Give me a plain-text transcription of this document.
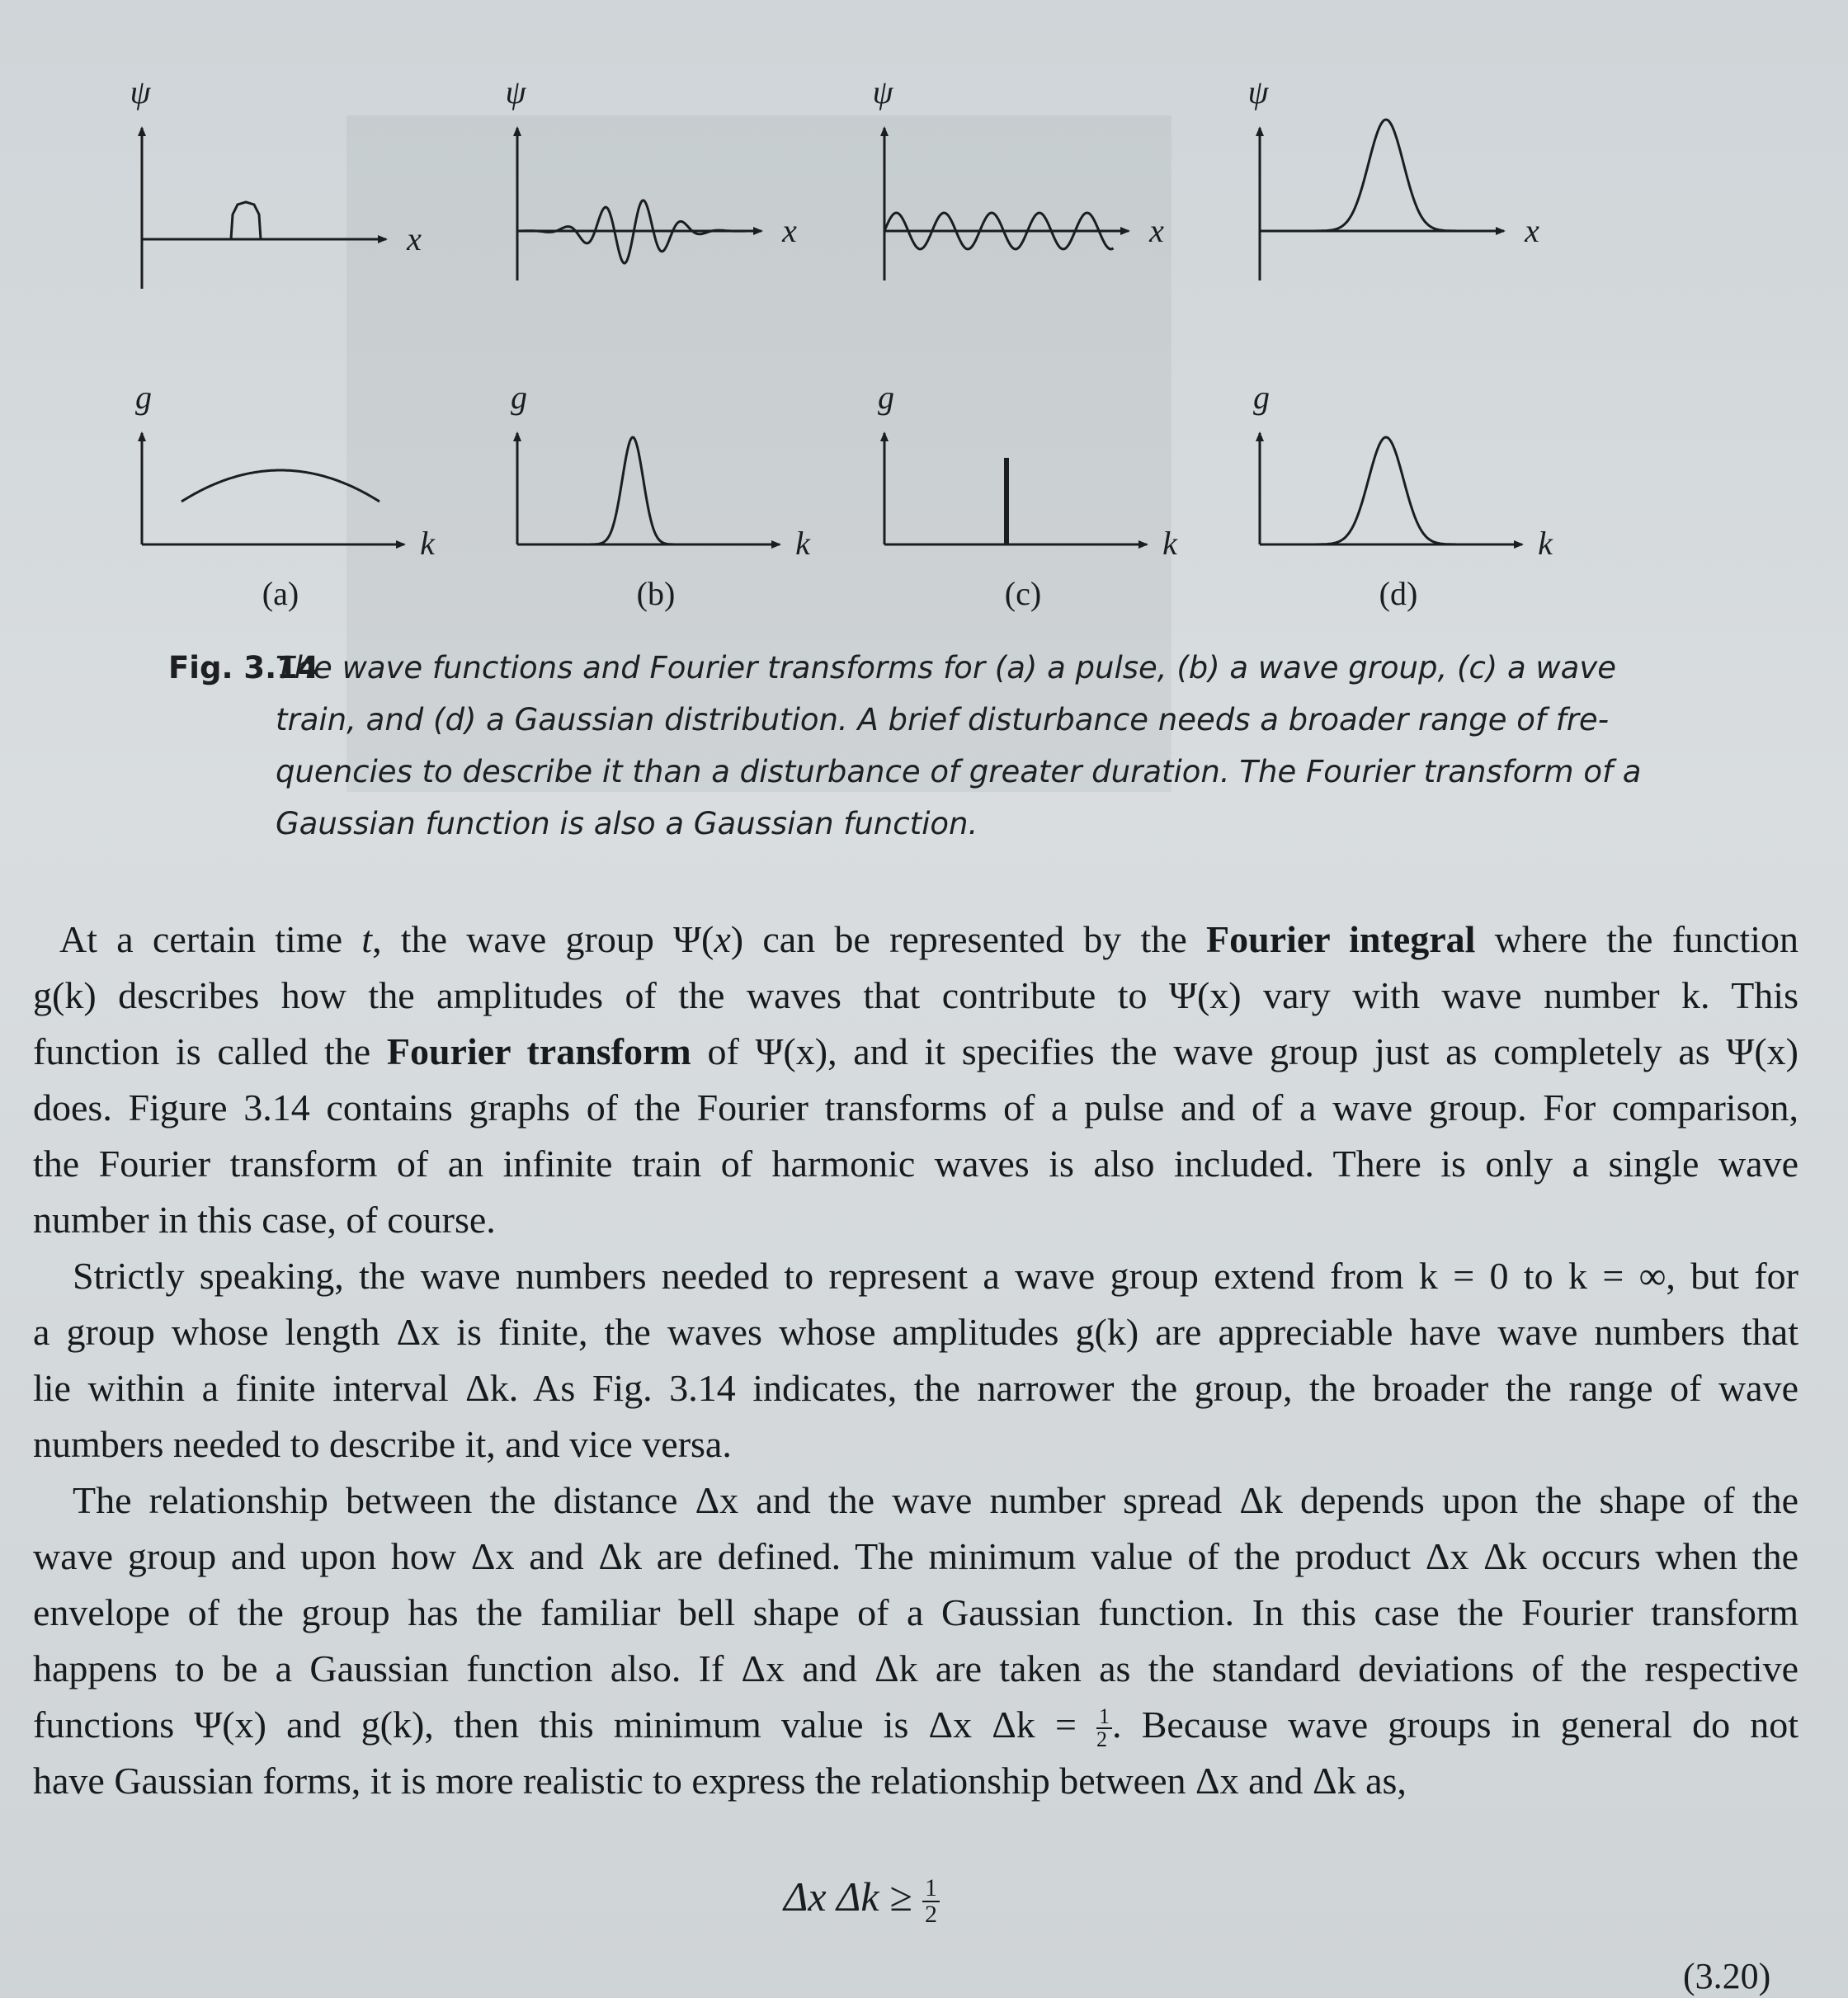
ψ
x
g
k
(a)
ψ
x
g
k
(b)
ψ
x
g
k
(c)
ψ
x
g
k
(d)
Fig. 3.14
The wave functions and Fourier transforms for (a) a pulse, (b) a wave group, (c) a wave
train, and (d) a Gaussian distribution. A brief disturbance needs a broader range of fre-
quencies to describe it than a disturbance of greater duration. The Fourier transform of a
Gaussian function is also a Gaussian function.
At a certain time t, the wave group Ψ(x) can be represented by the Fourier integral where the function
g(k) describes how the amplitudes of the waves that contribute to Ψ(x) vary with wave number k. This
function is called the Fourier transform of Ψ(x), and it specifies the wave group just as completely as Ψ(x)
does. Figure 3.14 contains graphs of the Fourier transforms of a pulse and of a wave group. For comparison,
the Fourier transform of an infinite train of harmonic waves is also included. There is only a single wave
number in this case, of course.
Strictly speaking, the wave numbers needed to represent a wave group extend from k = 0 to k = ∞, but for
a group whose length Δx is finite, the waves whose amplitudes g(k) are appreciable have wave numbers that
lie within a finite interval Δk. As Fig. 3.14 indicates, the narrower the group, the broader the range of wave
numbers needed to describe it, and vice versa.
The relationship between the distance Δx and the wave number spread Δk depends upon the shape of the
wave group and upon how Δx and Δk are defined. The minimum value of the product Δx Δk occurs when the
envelope of the group has the familiar bell shape of a Gaussian function. In this case the Fourier transform
happens to be a Gaussian function also. If Δx and Δk are taken as the standard deviations of the respective
functions Ψ(x) and g(k), then this minimum value is Δx $\Delta k = \frac{1}{2}$ . Because wave groups in general do not
have Gaussian forms, it is more realistic to express the relationship between Δx and Δk as,
Δx $\Delta k \ge \frac{1}{2}$
(3.20)
